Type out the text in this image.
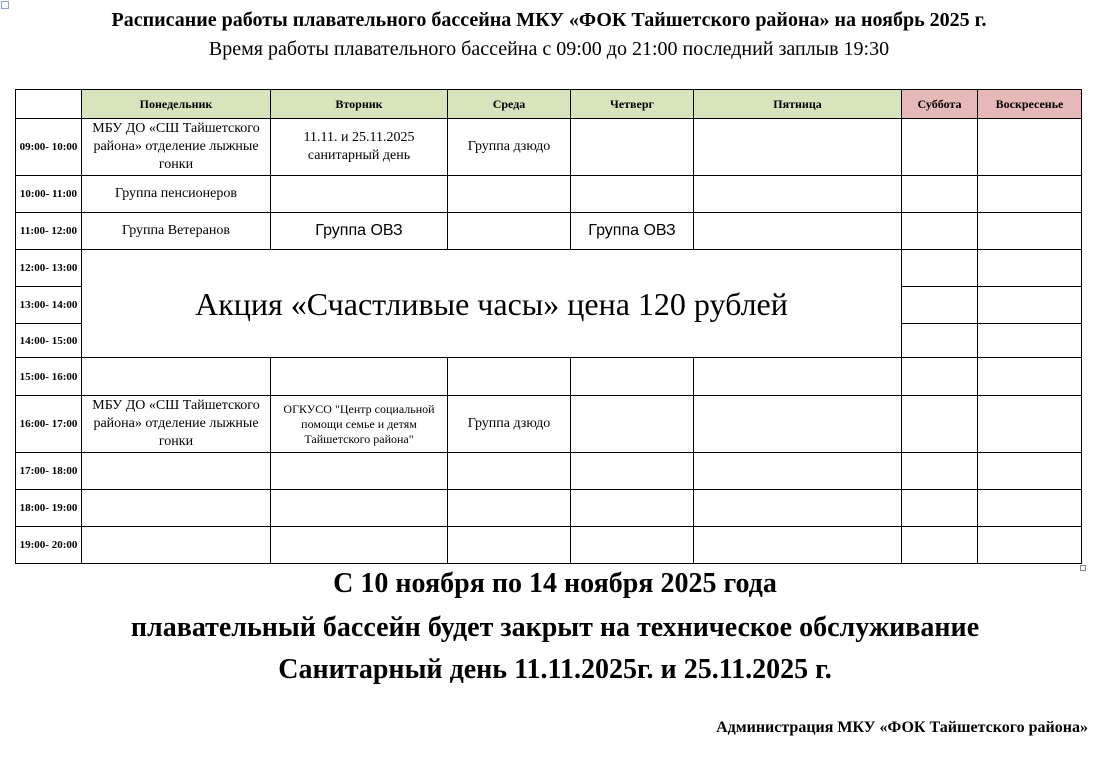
Расписание работы плавательного бассейна МКУ «ФОК Тайшетского района» на ноябрь 2025 г.
Время работы плавательного бассейна с 09:00 до 21:00 последний заплыв 19:30
	Понедельник	Вторник	Среда	Четверг	Пятница	Суббота	Воскресенье
09:00- 10:00	МБУ ДО «СШ Тайшетского района» отделение лыжные гонки	11.11. и 25.11.2025 санитарный день	Группа дзюдо				
10:00- 11:00	Группа пенсионеров						
11:00- 12:00	Группа Ветеранов	Группа ОВЗ		Группа ОВЗ			
12:00- 13:00	Акция «Счастливые часы» цена 120 рублей						
13:00- 14:00							
14:00- 15:00							
15:00- 16:00							
16:00- 17:00	МБУ ДО «СШ Тайшетского района» отделение лыжные гонки	ОГКУСО "Центр социальной помощи семье и детям Тайшетского района"	Группа дзюдо				
17:00- 18:00							
18:00- 19:00							
19:00- 20:00							
С 10 ноября по 14 ноября 2025 года
плавательный бассейн будет закрыт на техническое обслуживание
Санитарный день 11.11.2025г. и 25.11.2025 г.
Администрация МКУ «ФОК Тайшетского района»
